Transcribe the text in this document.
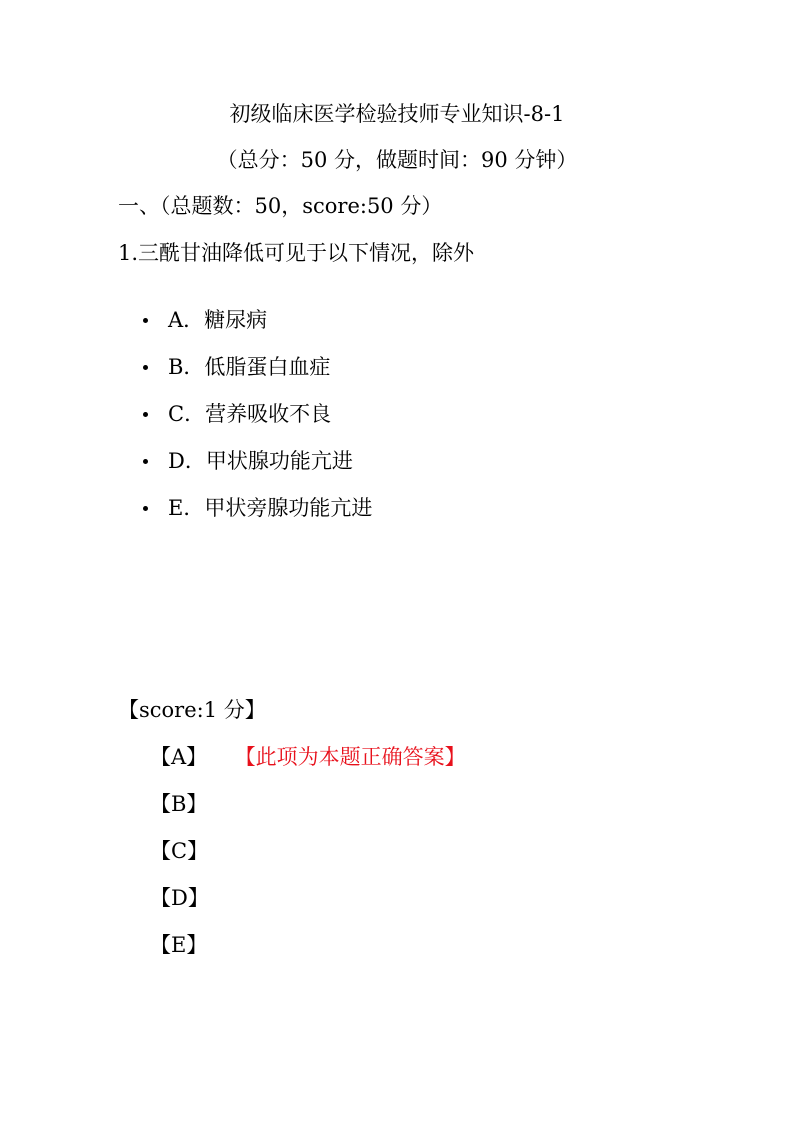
初级临床医学检验技师专业知识-8-1
（总分：50 分，做题时间：90 分钟）
一、（总题数：50，score:50 分）
1.三酰甘油降低可见于以下情况，除外
A．糖尿病
B．低脂蛋白血症
C．营养吸收不良
D．甲状腺功能亢进
E．甲状旁腺功能亢进
【score:1 分】
【A】 【此项为本题正确答案】
【B】
【C】
【D】
【E】
